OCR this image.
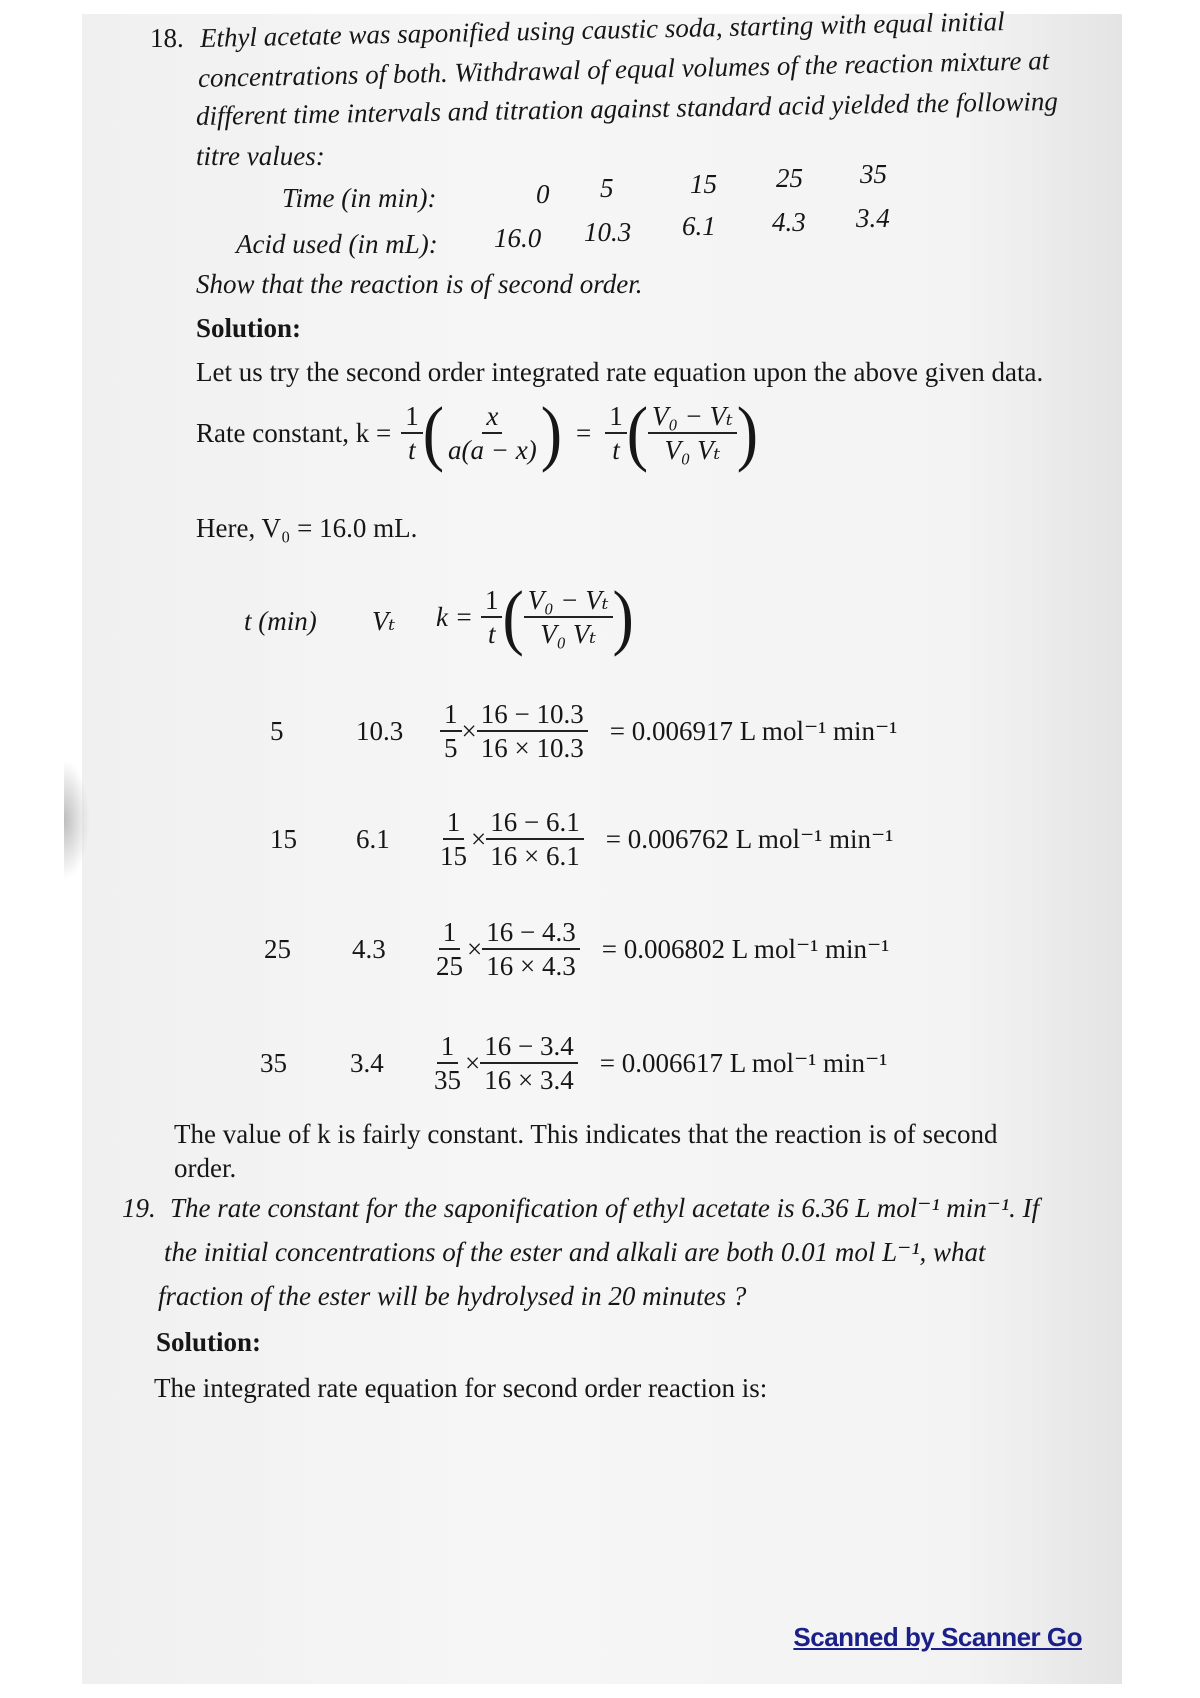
18. Ethyl acetate was saponified using caustic soda, starting with equal initial
concentrations of both. Withdrawal of equal volumes of the reaction mixture at
different time intervals and titration against standard acid yielded the following
titre values:
Time (in min):	0 5	15 25 35
Acid used (in mL): 16.0 10.3 6.1 4.3 3.4
Show that the reaction is of second order.
Solution:
Let us try the second order integrated rate equation upon the above given data.
Rate constant, $k = \frac{1}{t}$ ( $\frac{x}{a(a - x)}$ ) = $\frac{1}{t}$ ( $\frac{\text{V₀ − Vₜ}}{\text{V₀ Vₜ}}$ )
Here, V₀ = 16.0 mL.
t (min) Vₜ $k = \frac{1}{t}$ ( $\frac{\text{V₀ − Vₜ}}{\text{V₀ Vₜ}}$ )
5	10.3	$\frac{1}{5} \times \frac{16 - 10.3}{16 \times 10.3} = 0.006917$ L mol⁻¹ min⁻¹
15	6.1	$\frac{1}{15} \times \frac{16 - 6.1}{16 \times 6.1} = 0.006762$ L mol⁻¹ min⁻¹
25	4.3	$\frac{1}{25} \times \frac{16 - 4.3}{16 \times 4.3} = 0.006802$ L mol⁻¹ min⁻¹
35	3.4	$\frac{1}{35} \times \frac{16 - 3.4}{16 \times 3.4} = 0.006617$ L mol⁻¹ min⁻¹
The value of k is fairly constant. This indicates that the reaction is of second
order.
19. The rate constant for the saponification of ethyl acetate is 6.36 L mol⁻¹ min⁻¹. If
the initial concentrations of the ester and alkali are both 0.01 mol L⁻¹, what
fraction of the ester will be hydrolysed in 20 minutes ?
Solution:
The integrated rate equation for second order reaction is:
Scanned by Scanner Go
